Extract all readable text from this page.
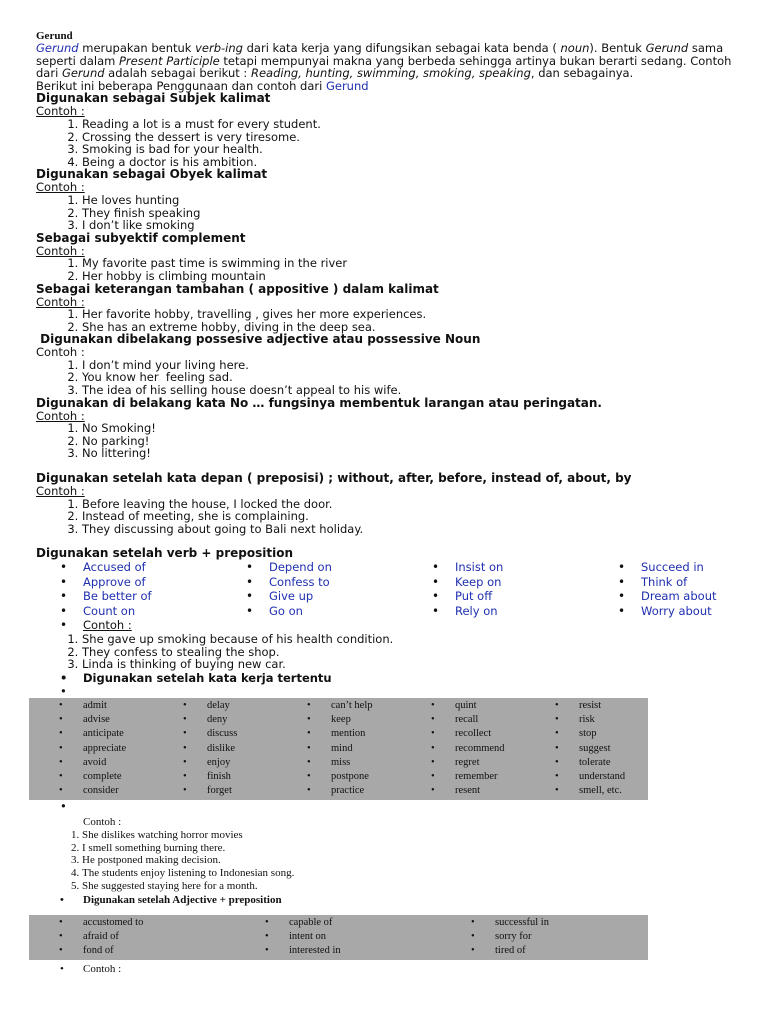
Gerund
Gerund merupakan bentuk verb-ing dari kata kerja yang difungsikan sebagai kata benda ( noun). Bentuk Gerund sama seperti dalam Present Participle tetapi mempunyai makna yang berbeda sehingga artinya bukan berarti sedang. Contoh dari Gerund adalah sebagai berikut : Reading, hunting, swimming, smoking, speaking, dan sebagainya.
Berikut ini beberapa Penggunaan dan contoh dari Gerund
Digunakan sebagai Subjek kalimat
Contoh :
1. Reading a lot is a must for every student.
2. Crossing the dessert is very tiresome.
3. Smoking is bad for your health.
4. Being a doctor is his ambition.
Digunakan sebagai Obyek kalimat
Contoh :
1. He loves hunting
2. They finish speaking
3. I don’t like smoking
Sebagai subyektif complement
Contoh :
1. My favorite past time is swimming in the river
2. Her hobby is climbing mountain
Sebagai keterangan tambahan ( appositive ) dalam kalimat
Contoh :
1. Her favorite hobby, travelling , gives her more experiences.
2. She has an extreme hobby, diving in the deep sea.
Digunakan dibelakang possesive adjective atau possessive Noun
Contoh :
1. I don’t mind your living here.
2. You know her  feeling sad.
3. The idea of his selling house doesn’t appeal to his wife.
Digunakan di belakang kata No … fungsinya membentuk larangan atau peringatan.
Contoh :
1. No Smoking!
2. No parking!
3. No littering!
Digunakan setelah kata depan ( preposisi) ; without, after, before, instead of, about, by
Contoh :
1. Before leaving the house, I locked the door.
2. Instead of meeting, she is complaining.
3. They discussing about going to Bali next holiday.
Digunakan setelah verb + preposition
• Accused of	• Depend on	• Insist on	• Succeed in
• Approve of	• Confess to	• Keep on	• Think of
• Be better of	• Give up	• Put off	• Dream about
• Count on	• Go on	• Rely on	• Worry about
• Contoh :
1. She gave up smoking because of his health condition.
2. They confess to stealing the shop.
3. Linda is thinking of buying new car.
• Digunakan setelah kata kerja tertentu
•
• admit	• delay	• can’t help	• quint	• resist
• advise	• deny	• keep	• recall	• risk
• anticipate	• discuss	• mention	• recollect	• stop
• appreciate	• dislike	• mind	• recommend	• suggest
• avoid	• enjoy	• miss	• regret	• tolerate
• complete	• finish	• postpone	• remember	• understand
• consider	• forget	• practice	• resent	• smell, etc.
•
Contoh :
1. She dislikes watching horror movies
2. I smell something burning there.
3. He postponed making decision.
4. The students enjoy listening to Indonesian song.
5. She suggested staying here for a month.
• Digunakan setelah Adjective + preposition
• accustomed to	• capable of	• successful in
• afraid of	• intent on	• sorry for
• fond of	• interested in	• tired of
• Contoh :
